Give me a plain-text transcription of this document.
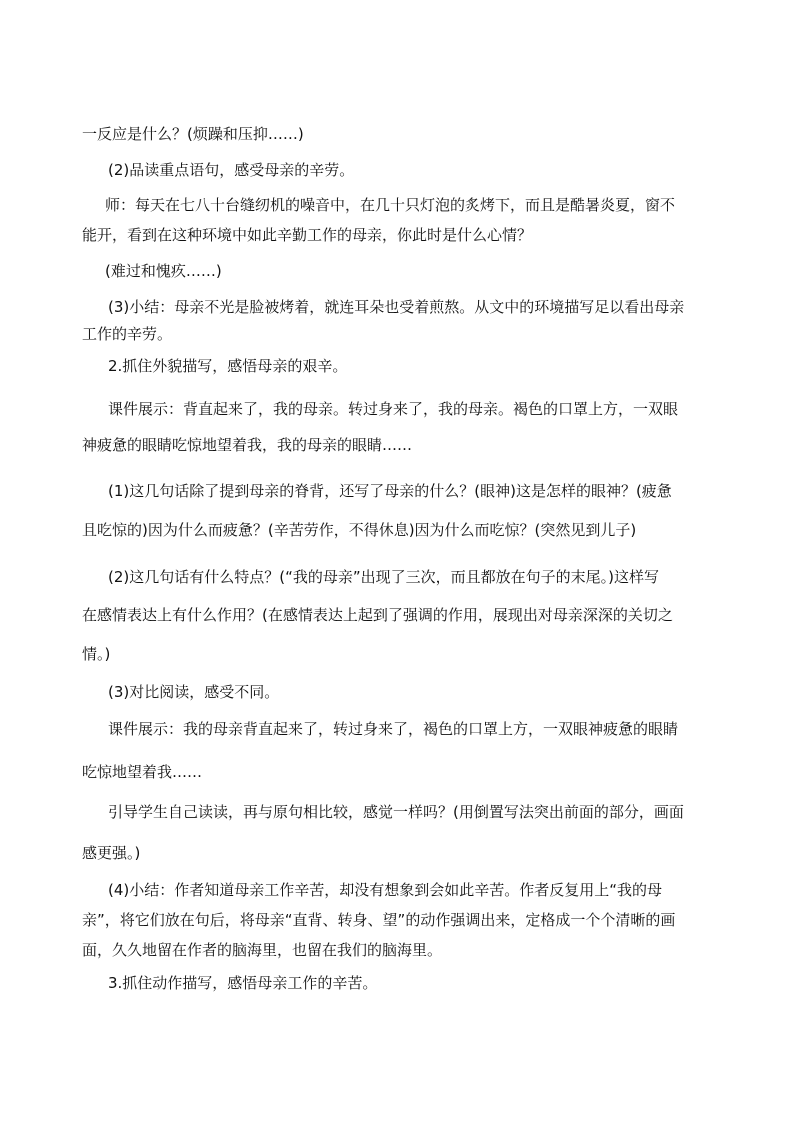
一反应是什么？(烦躁和压抑……)
(2)品读重点语句，感受母亲的辛劳。
师：每天在七八十台缝纫机的噪音中，在几十只灯泡的炙烤下，而且是酷暑炎夏，窗不
能开，看到在这种环境中如此辛勤工作的母亲，你此时是什么心情？
(难过和愧疚……)
(3)小结：母亲不光是脸被烤着，就连耳朵也受着煎熬。从文中的环境描写足以看出母亲
工作的辛劳。
2.抓住外貌描写，感悟母亲的艰辛。
课件展示：背直起来了，我的母亲。转过身来了，我的母亲。褐色的口罩上方，一双眼
神疲惫的眼睛吃惊地望着我，我的母亲的眼睛……
(1)这几句话除了提到母亲的脊背，还写了母亲的什么？(眼神)这是怎样的眼神？(疲惫
且吃惊的)因为什么而疲惫？(辛苦劳作，不得休息)因为什么而吃惊？(突然见到儿子)
(2)这几句话有什么特点？(“我的母亲”出现了三次，而且都放在句子的末尾。)这样写
在感情表达上有什么作用？(在感情表达上起到了强调的作用，展现出对母亲深深的关切之
情。)
(3)对比阅读，感受不同。
课件展示：我的母亲背直起来了，转过身来了，褐色的口罩上方，一双眼神疲惫的眼睛
吃惊地望着我……
引导学生自己读读，再与原句相比较，感觉一样吗？(用倒置写法突出前面的部分，画面
感更强。)
(4)小结：作者知道母亲工作辛苦，却没有想象到会如此辛苦。作者反复用上“我的母
亲”，将它们放在句后，将母亲“直背、转身、望”的动作强调出来，定格成一个个清晰的画
面，久久地留在作者的脑海里，也留在我们的脑海里。
3.抓住动作描写，感悟母亲工作的辛苦。
